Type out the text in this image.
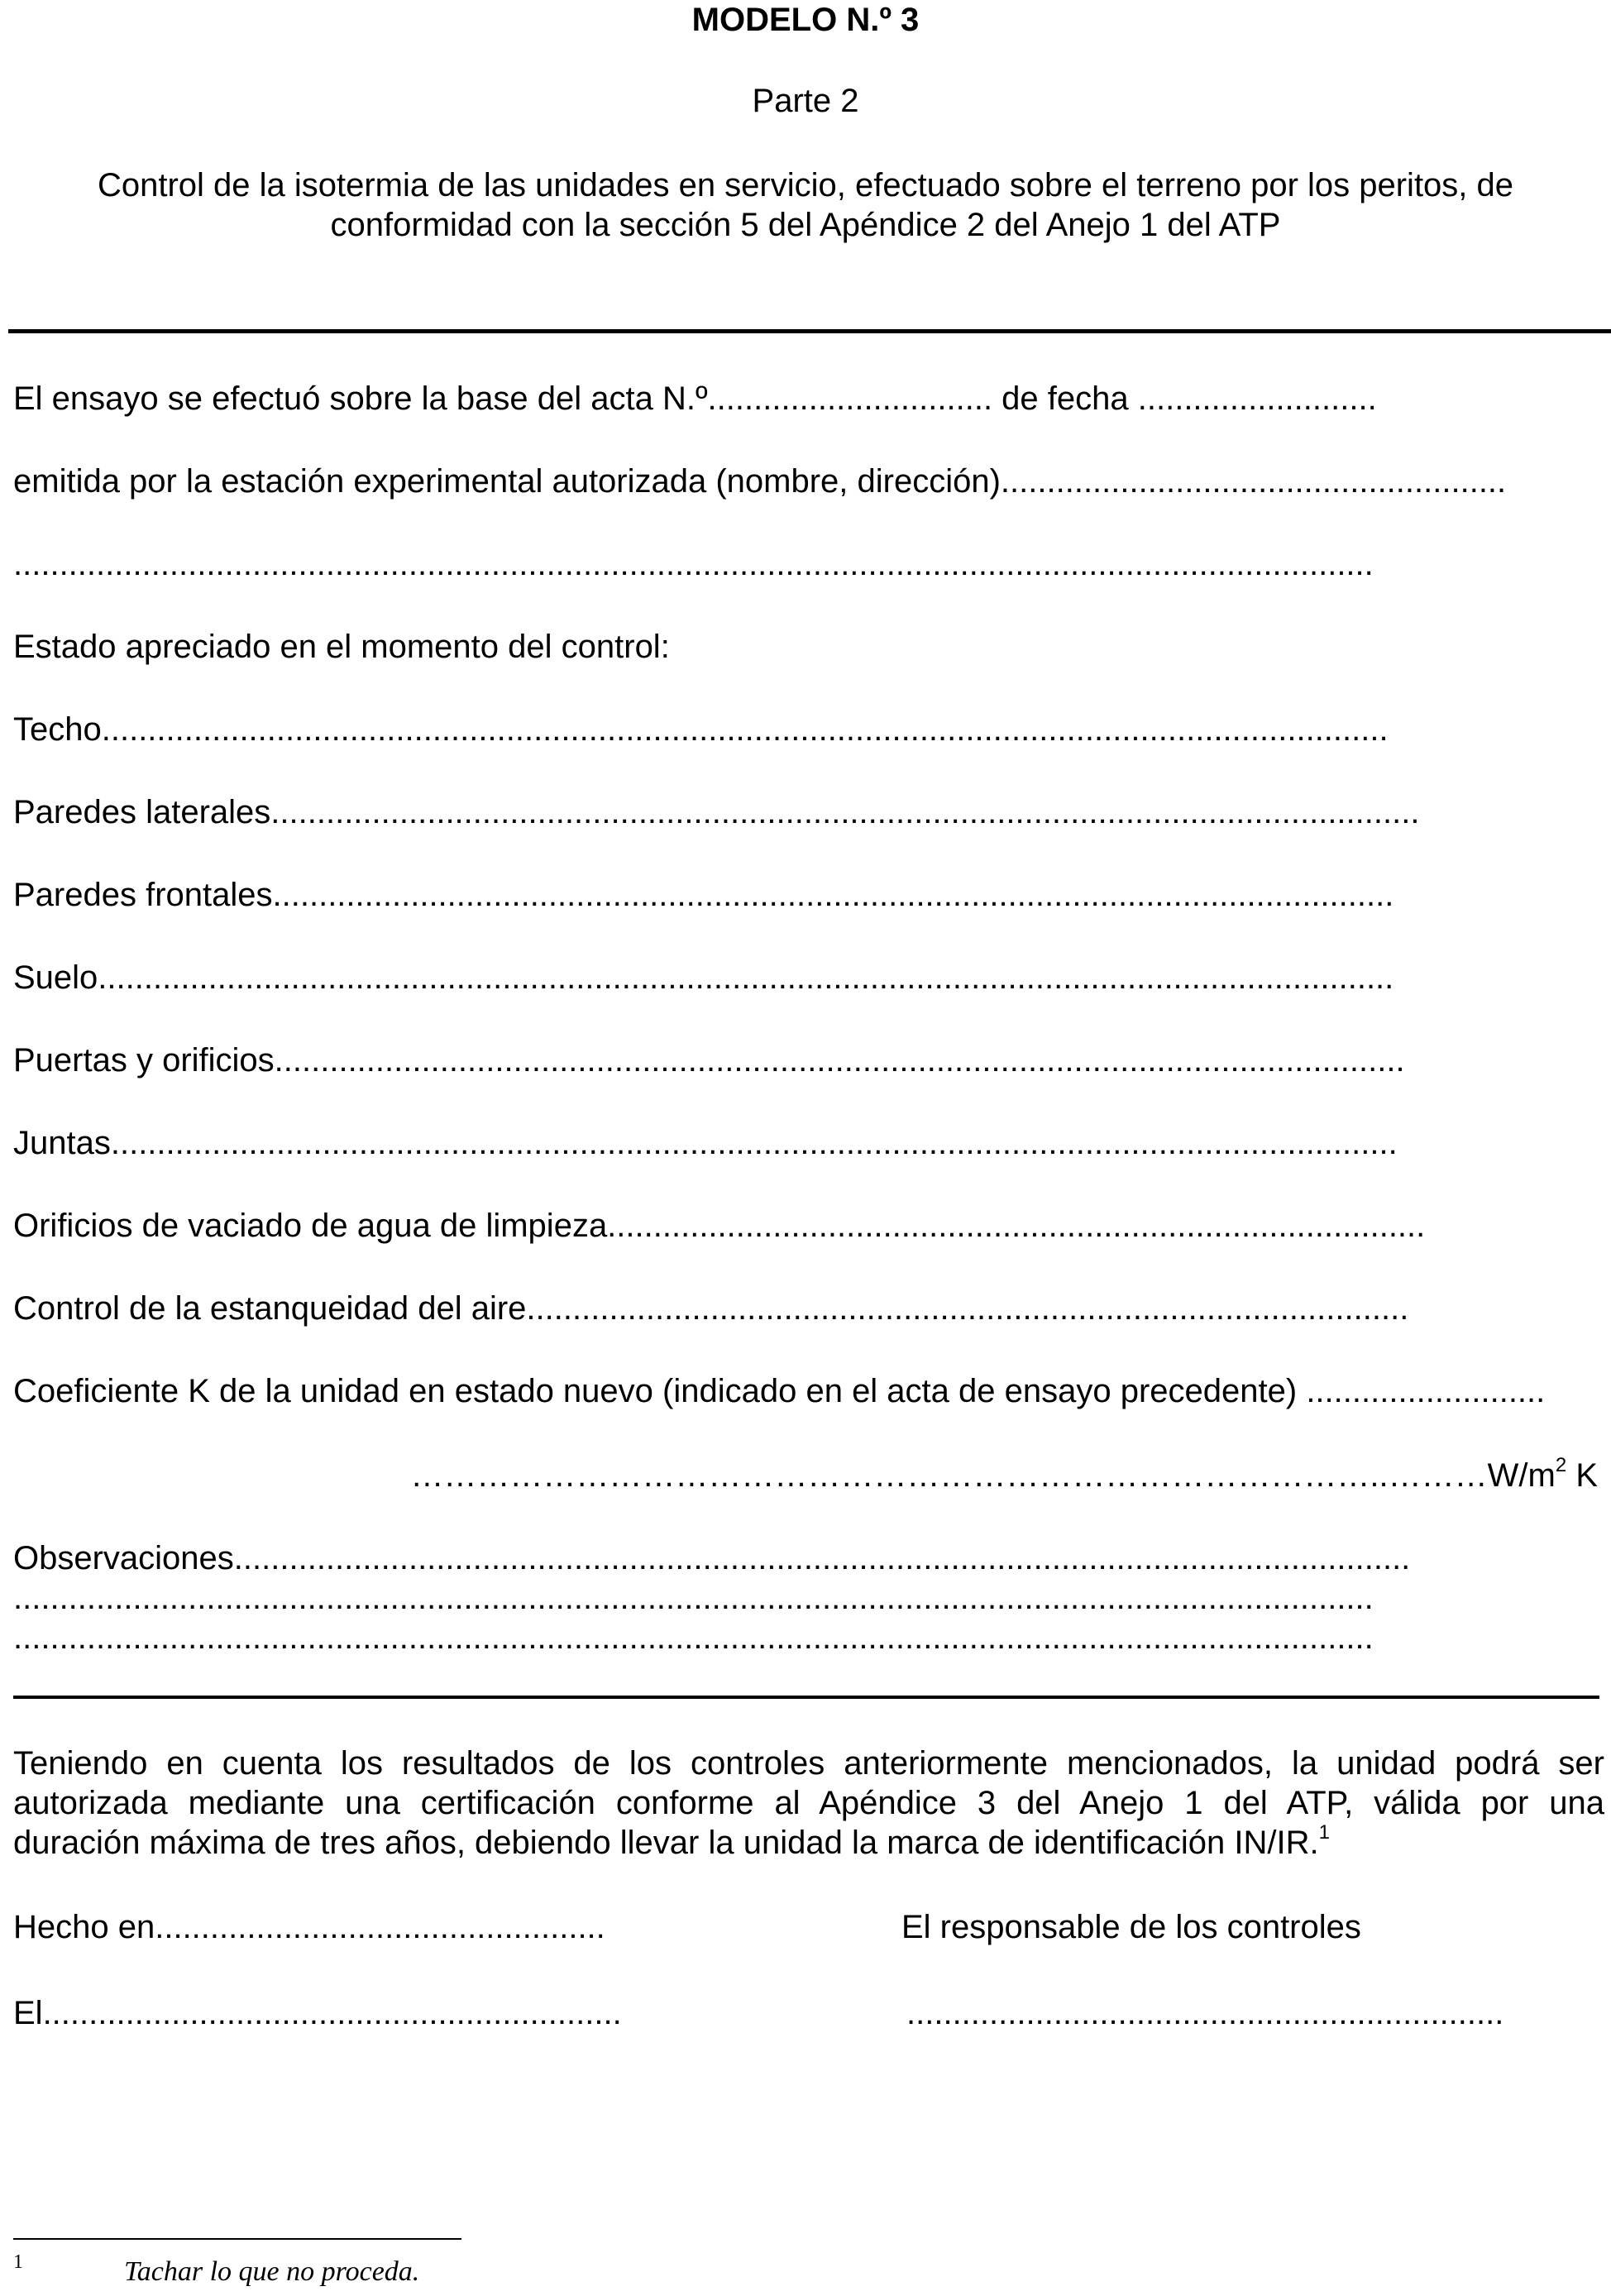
MODELO N.º 3
Parte 2
Control de la isotermia de las unidades en servicio, efectuado sobre el terreno por los peritos, de
conformidad con la sección 5 del Apéndice 2 del Anejo 1 del ATP
El ensayo se efectuó sobre la base del acta N.º............................... de fecha ..........................
emitida por la estación experimental autorizada (nombre, dirección).......................................................
....................................................................................................................................................
Estado apreciado en el momento del control:
Techo............................................................................................................................................
Paredes laterales.............................................................................................................................
Paredes frontales..........................................................................................................................
Suelo.............................................................................................................................................
Puertas y orificios...........................................................................................................................
Juntas............................................................................................................................................
Orificios de vaciado de agua de limpieza.........................................................................................
Control de la estanqueidad del aire................................................................................................
Coeficiente K de la unidad en estado nuevo (indicado en el acta de ensayo precedente) ..........................
$\dots\dots\dots\dots\dots\dots\dots\dots\dots\dots\dots\dots\dots\dots\dots\dots\dots\dots\dots\dots\dots\dots\dots\dots\dots\dots\dots\dots\dots..\dots\dots\dots W/m^2$ K
Observaciones................................................................................................................................
....................................................................................................................................................
....................................................................................................................................................
Teniendo en cuenta los resultados de los controles anteriormente mencionados, la unidad podrá ser
autorizada mediante una certificación conforme al Apéndice 3 del Anejo 1 del ATP, válida por una
duración máxima de tres años, debiendo llevar la unidad la marca de identificación IN/IR.$^1$
Hecho en.................................................	El responsable de los controles
El...............................................................	.................................................................
1	Tachar lo que no proceda.
